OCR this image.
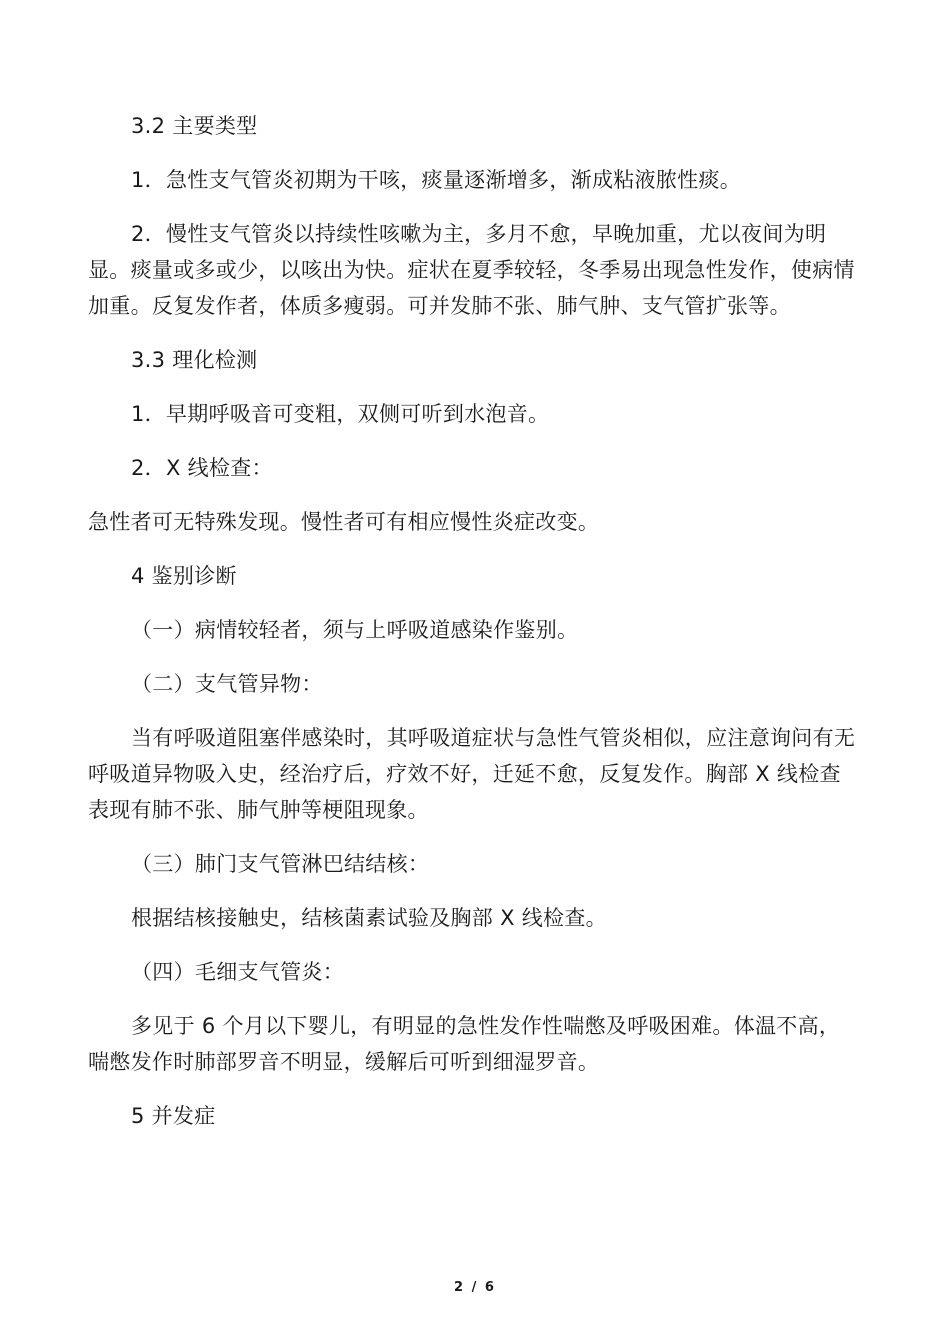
3.2 主要类型

1．急性支气管炎初期为干咳，痰量逐渐增多，渐成粘液脓性痰。

2．慢性支气管炎以持续性咳嗽为主，多月不愈，早晚加重，尤以夜间为明显。痰量或多或少，以咳出为快。症状在夏季较轻，冬季易出现急性发作，使病情加重。反复发作者，体质多瘦弱。可并发肺不张、肺气肿、支气管扩张等。

3.3 理化检测

1．早期呼吸音可变粗，双侧可听到水泡音。

2．X 线检查：

急性者可无特殊发现。慢性者可有相应慢性炎症改变。

4 鉴别诊断

（一）病情较轻者，须与上呼吸道感染作鉴别。

（二）支气管异物：

当有呼吸道阻塞伴感染时，其呼吸道症状与急性气管炎相似，应注意询问有无呼吸道异物吸入史，经治疗后，疗效不好，迁延不愈，反复发作。胸部 X 线检查表现有肺不张、肺气肿等梗阻现象。

（三）肺门支气管淋巴结结核：

根据结核接触史，结核菌素试验及胸部 X 线检查。

（四）毛细支气管炎：

多见于 6 个月以下婴儿，有明显的急性发作性喘憋及呼吸困难。体温不高，喘憋发作时肺部罗音不明显，缓解后可听到细湿罗音。

5 并发症

2 / 6
